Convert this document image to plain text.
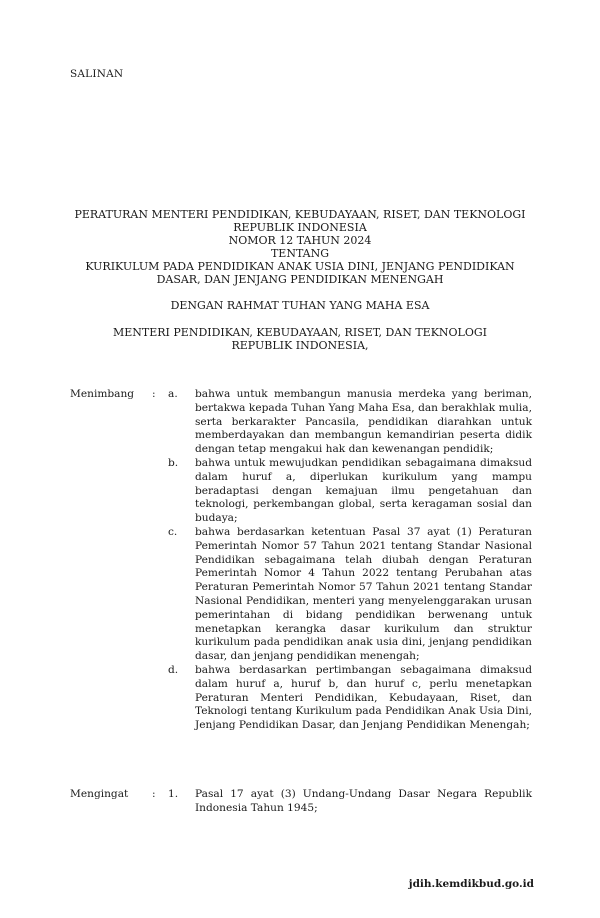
SALINAN
PERATURAN MENTERI PENDIDIKAN, KEBUDAYAAN, RISET, DAN TEKNOLOGI
REPUBLIK INDONESIA
NOMOR 12 TAHUN 2024
TENTANG
KURIKULUM PADA PENDIDIKAN ANAK USIA DINI, JENJANG PENDIDIKAN
DASAR, DAN JENJANG PENDIDIKAN MENENGAH
DENGAN RAHMAT TUHAN YANG MAHA ESA
MENTERI PENDIDIKAN, KEBUDAYAAN, RISET, DAN TEKNOLOGI
REPUBLIK INDONESIA,
Menimbang	:	a.	bahwa untuk membangun manusia merdeka yang beriman, bertakwa kepada Tuhan Yang Maha Esa, dan berakhlak mulia, serta berkarakter Pancasila, pendidikan diarahkan untuk memberdayakan dan membangun kemandirian peserta didik dengan tetap mengakui hak dan kewenangan pendidik;
b.	bahwa untuk mewujudkan pendidikan sebagaimana dimaksud dalam huruf a, diperlukan kurikulum yang mampu beradaptasi dengan kemajuan ilmu pengetahuan dan teknologi, perkembangan global, serta keragaman sosial dan budaya;
c.	bahwa berdasarkan ketentuan Pasal 37 ayat (1) Peraturan Pemerintah Nomor 57 Tahun 2021 tentang Standar Nasional Pendidikan sebagaimana telah diubah dengan Peraturan Pemerintah Nomor 4 Tahun 2022 tentang Perubahan atas Peraturan Pemerintah Nomor 57 Tahun 2021 tentang Standar Nasional Pendidikan, menteri yang menyelenggarakan urusan pemerintahan di bidang pendidikan berwenang untuk menetapkan kerangka dasar kurikulum dan struktur kurikulum pada pendidikan anak usia dini, jenjang pendidikan dasar, dan jenjang pendidikan menengah;
d.	bahwa berdasarkan pertimbangan sebagaimana dimaksud dalam huruf a, huruf b, dan huruf c, perlu menetapkan Peraturan Menteri Pendidikan, Kebudayaan, Riset, dan Teknologi tentang Kurikulum pada Pendidikan Anak Usia Dini, Jenjang Pendidikan Dasar, dan Jenjang Pendidikan Menengah;
Mengingat	:	1.	Pasal 17 ayat (3) Undang-Undang Dasar Negara Republik Indonesia Tahun 1945;
jdih.kemdikbud.go.id
